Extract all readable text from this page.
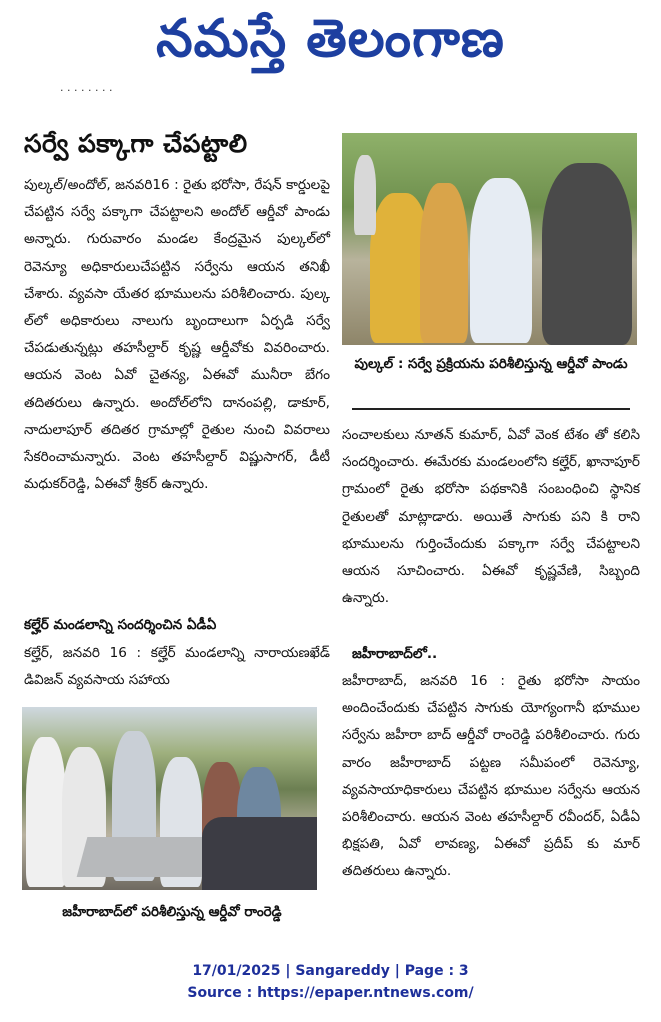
నమస్తే తెలంగాణ
. . . . . . . .
సర్వే పక్కాగా చేపట్టాలి

పుల్కల్/అందోల్, జనవరి16 : రైతు భరోసా, రేషన్ కార్డులపై చేపట్టిన సర్వే పక్కాగా చేపట్టాలని అందోల్ ఆర్డీవో పాండు అన్నారు. గురువారం మండల కేంద్రమైన పుల్కల్‌లో రెవెన్యూ అధికారులుచేపట్టిన సర్వేను ఆయన తనిఖీ చేశారు. వ్యవసా యేతర భూములను పరిశీలించారు. పుల్క ల్‌లో అధికారులు నాలుగు బృందాలుగా ఏర్పడి సర్వే చేపడుతున్నట్లు తహసీల్దార్ కృష్ణ ఆర్డీవోకు వివరించారు. ఆయన వెంట ఏవో చైతన్య, ఏఈవో మునీరా బేగం తదితరులు ఉన్నారు. అందోల్‌లోని దానంపల్లి, డాకూర్, నాదులాపూర్ తదితర గ్రామాల్లో రైతుల నుంచి వివరాలు సేకరించామన్నారు. వెంట తహసీల్దార్ విష్ణుసాగర్, డీటీ మధుకర్‌రెడ్డి, ఏఈవో శ్రీకర్ ఉన్నారు.

కల్హేర్ మండలాన్ని సందర్శించిన ఏడీఏ
కల్హేర్, జనవరి 16 : కల్హేర్ మండలాన్ని నారాయణఖేడ్ డివిజన్ వ్యవసాయ సహాయ
పుల్కల్ : సర్వే ప్రక్రియను పరిశీలిస్తున్న ఆర్డీవో పాండు

సంచాలకులు నూతన్ కుమార్, ఏవో వెంక టేశం తో కలిసి సందర్శించారు. ఈమేరకు మండలంలోని కల్హేర్, ఖానాపూర్ గ్రామంలో రైతు భరోసా పథకానికి సంబంధించి స్థానిక రైతులతో మాట్లాడారు. అయితే సాగుకు పని కి రాని భూములను గుర్తించేందుకు పక్కాగా సర్వే చేపట్టాలని ఆయన సూచించారు. ఏఈవో కృష్ణవేణి, సిబ్బంది ఉన్నారు.

జహీరాబాద్‌లో..

జహీరాబాద్, జనవరి 16 : రైతు భరోసా సాయం అందించేందుకు చేపట్టిన సాగుకు యోగ్యంగానీ భూముల సర్వేను జహీరా బాద్ ఆర్డీవో రాంరెడ్డి పరిశీలించారు. గురు వారం జహీరాబాద్ పట్టణ సమీపంలో రెవెన్యూ, వ్యవసాయాధికారులు చేపట్టిన భూముల సర్వేను ఆయన పరిశీలించారు. ఆయన వెంట తహసీల్దార్ రవీందర్, ఏడీఏ భిక్షపతి, ఏవో లావణ్య, ఏఈవో ప్రదీప్ కు మార్ తదితరులు ఉన్నారు.

జహీరాబాద్‌లో పరిశీలిస్తున్న ఆర్డీవో రాంరెడ్డి
17/01/2025 | Sangareddy | Page : 3
Source : https://epaper.ntnews.com/
